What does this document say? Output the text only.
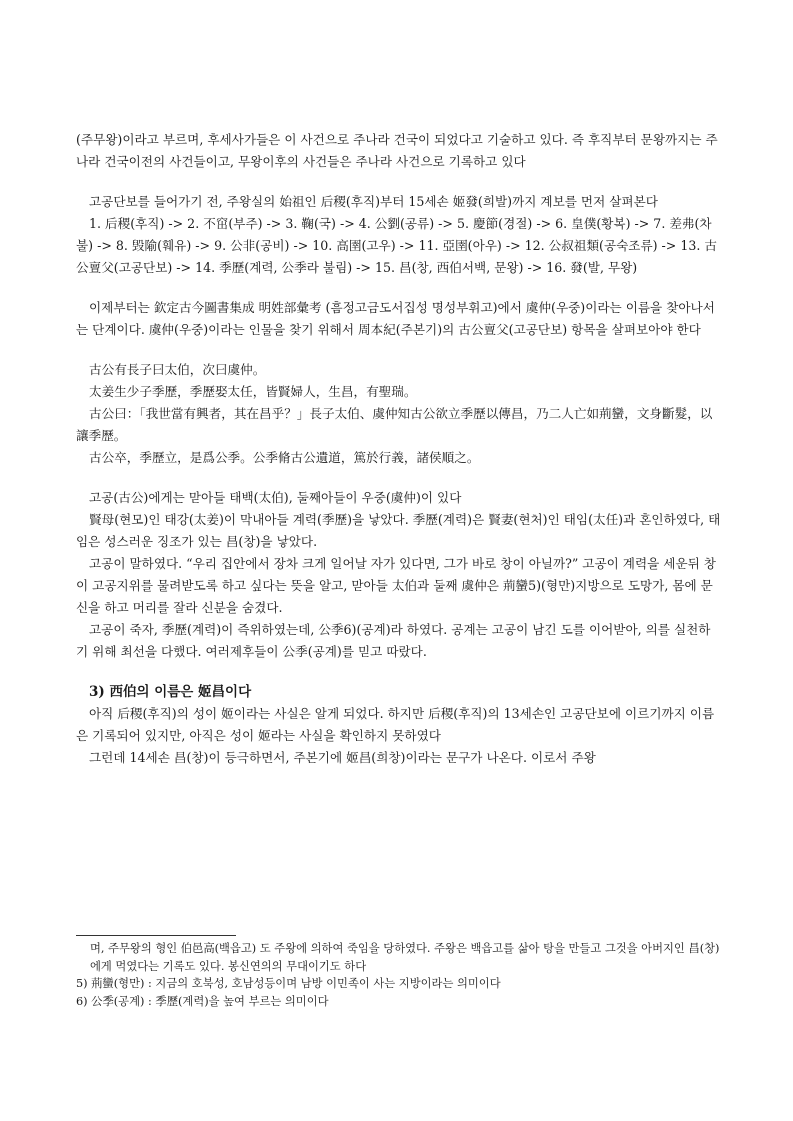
(주무왕)이라고 부르며, 후세사가들은 이 사건으로 주나라 건국이 되었다고 기술하고 있다. 즉 후직부터 문왕까지는 주나라 건국이전의 사건들이고, 무왕이후의 사건들은 주나라 사건으로 기록하고 있다

고공단보를 들어가기 전, 주왕실의 始祖인 后稷(후직)부터 15세손 姬發(희발)까지 계보를 먼저 살펴본다

1. 后稷(후직) -> 2. 不窋(부주) -> 3. 鞠(국) -> 4. 公劉(공류) -> 5. 慶節(경절) -> 6. 皇僕(황복) -> 7. 差弗(차불) -> 8. 毁隃(훼유) -> 9. 公非(공비) -> 10. 高圉(고우) -> 11. 亞圉(아우) -> 12. 公叔祖類(공숙조류) -> 13. 古公亶父(고공단보) -> 14. 季歷(계력, 公季라 불림) -> 15. 昌(창, 西伯서백, 문왕) -> 16. 發(발, 무왕)

이제부터는 欽定古今圖書集成 明姓部彙考 (흠정고금도서집성 명성부휘고)에서 虞仲(우중)이라는 이름을 찾아나서는 단계이다. 虞仲(우중)이라는 인물을 찾기 위해서 周本紀(주본기)의 古公亶父(고공단보) 항목을 살펴보아야 한다

古公有長子曰太伯，次曰虞仲。

太姜生少子季歷，季歷娶太任，皆賢婦人，生昌，有聖瑞。

古公曰：「我世當有興者，其在昌乎？」長子太伯、虞仲知古公欲立季歷以傳昌，乃二人亡如荊蠻，文身斷髮，以讓季歷。

古公卒，季歷立，是爲公季。公季脩古公遺道，篤於行義，諸侯順之。

고공(古公)에게는 맏아들 태백(太伯), 둘째아들이 우중(虞仲)이 있다

賢母(현모)인 태강(太姜)이 막내아들 계력(季歷)을 낳았다. 季歷(계력)은 賢妻(현처)인 태임(太任)과 혼인하였다, 태임은 성스러운 징조가 있는 昌(창)을 낳았다.

고공이 말하였다. “우리 집안에서 장차 크게 일어날 자가 있다면, 그가 바로 창이 아닐까?” 고공이 계력을 세운뒤 창이 고공지위를 물려받도록 하고 싶다는 뜻을 알고, 맏아들 太伯과 둘째 虞仲은 荊蠻5)(형만)지방으로 도망가, 몸에 문신을 하고 머리를 잘라 신분을 숨겼다.

고공이 죽자, 季歷(계력)이 즉위하였는데, 公季6)(공계)라 하였다. 공계는 고공이 남긴 도를 이어받아, 의를 실천하기 위해 최선을 다했다. 여러제후들이 公季(공계)를 믿고 따랐다.

3) 西伯의 이름은 姬昌이다

아직 后稷(후직)의 성이 姬이라는 사실은 알게 되었다. 하지만 后稷(후직)의 13세손인 고공단보에 이르기까지 이름은 기록되어 있지만, 아직은 성이 姬라는 사실을 확인하지 못하였다

그런데 14세손 昌(창)이 등극하면서, 주본기에 姬昌(희창)이라는 문구가 나온다. 이로서 주왕

며, 주무왕의 형인 伯邑高(백읍고) 도 주왕에 의하여 죽임을 당하였다. 주왕은 백읍고를 삶아 탕을 만들고 그것을 아버지인 昌(창)에게 먹였다는 기록도 있다. 봉신연의의 무대이기도 하다

5) 荊蠻(형만) : 지금의 호북성, 호남성등이며 남방 이민족이 사는 지방이라는 의미이다

6) 公季(공계) : 季歷(계력)을 높여 부르는 의미이다
